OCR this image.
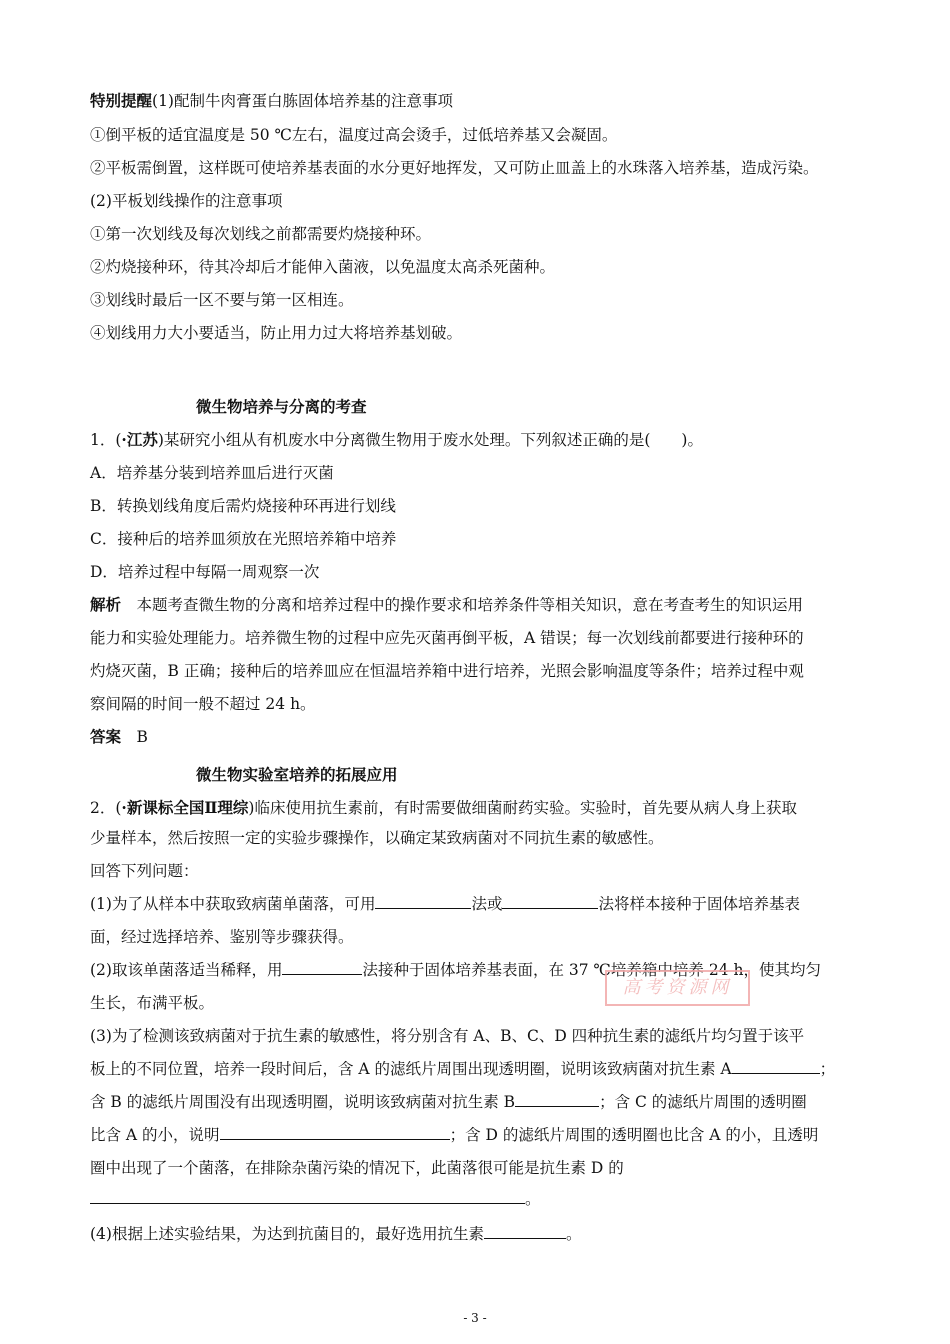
特别提醒(1)配制牛肉膏蛋白胨固体培养基的注意事项
①倒平板的适宜温度是 50 ℃左右，温度过高会烫手，过低培养基又会凝固。
②平板需倒置，这样既可使培养基表面的水分更好地挥发，又可防止皿盖上的水珠落入培养基，造成污染。
(2)平板划线操作的注意事项
①第一次划线及每次划线之前都需要灼烧接种环。
②灼烧接种环，待其冷却后才能伸入菌液，以免温度太高杀死菌种。
③划线时最后一区不要与第一区相连。
④划线用力大小要适当，防止用力过大将培养基划破。
微生物培养与分离的考查
1．(·江苏)某研究小组从有机废水中分离微生物用于废水处理。下列叙述正确的是(　　)。
A．培养基分装到培养皿后进行灭菌
B．转换划线角度后需灼烧接种环再进行划线
C．接种后的培养皿须放在光照培养箱中培养
D．培养过程中每隔一周观察一次
解析　本题考查微生物的分离和培养过程中的操作要求和培养条件等相关知识，意在考查考生的知识运用
能力和实验处理能力。培养微生物的过程中应先灭菌再倒平板，A 错误；每一次划线前都要进行接种环的
灼烧灭菌，B 正确；接种后的培养皿应在恒温培养箱中进行培养，光照会影响温度等条件；培养过程中观
察间隔的时间一般不超过 24 h。
答案　B
微生物实验室培养的拓展应用
2．(·新课标全国Ⅱ理综)临床使用抗生素前，有时需要做细菌耐药实验。实验时，首先要从病人身上获取
少量样本，然后按照一定的实验步骤操作，以确定某致病菌对不同抗生素的敏感性。
回答下列问题：
(1)为了从样本中获取致病菌单菌落，可用	法或	法将样本接种于固体培养基表
面，经过选择培养、鉴别等步骤获得。
(2)取该单菌落适当稀释，用	法接种于固体培养基表面，在 37 ℃培养箱中培养 24 h，使其均匀
生长，布满平板。
(3)为了检测该致病菌对于抗生素的敏感性，将分别含有 A、B、C、D 四种抗生素的滤纸片均匀置于该平
板上的不同位置，培养一段时间后，含 A 的滤纸片周围出现透明圈，说明该致病菌对抗生素 A	；
含 B 的滤纸片周围没有出现透明圈，说明该致病菌对抗生素 B	；含 C 的滤纸片周围的透明圈
比含 A 的小，说明	；含 D 的滤纸片周围的透明圈也比含 A 的小，且透明
圈中出现了一个菌落，在排除杂菌污染的情况下，此菌落很可能是抗生素 D 的
。
(4)根据上述实验结果，为达到抗菌目的，最好选用抗生素	。
高考资源网
- 3 -
